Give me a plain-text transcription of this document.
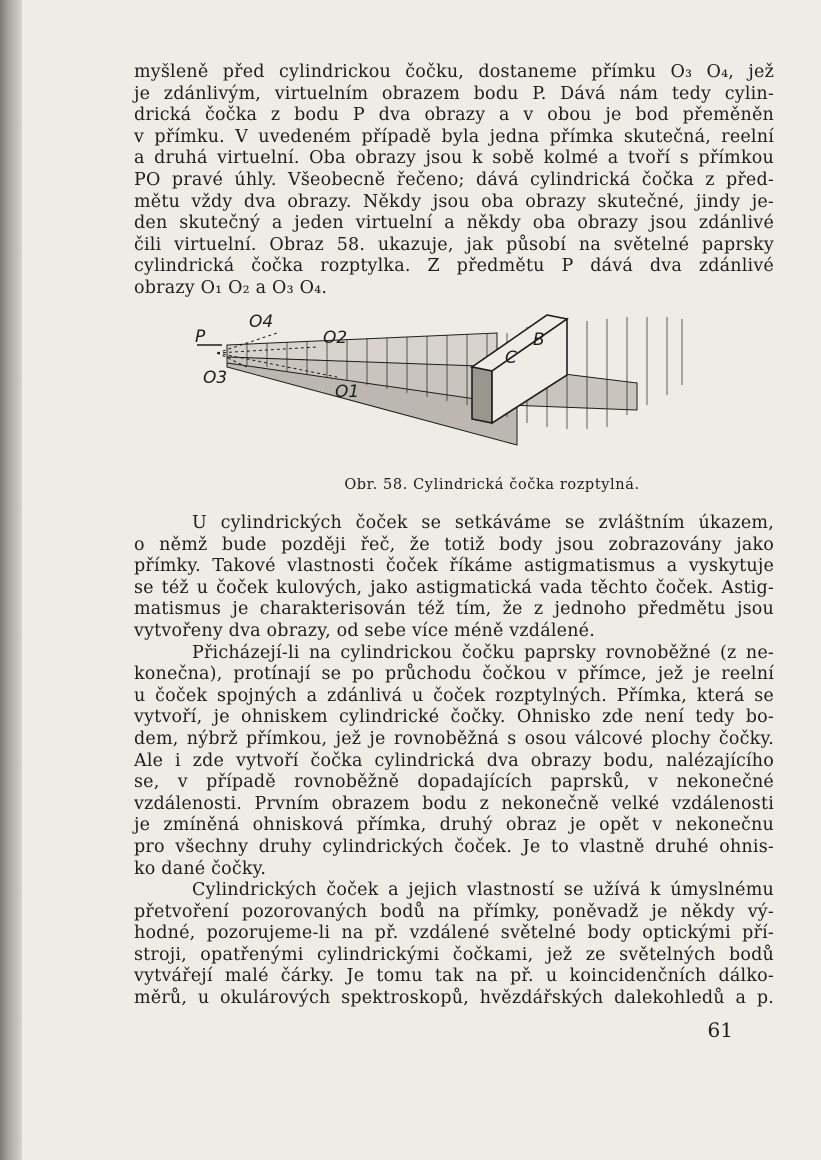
myšleně před cylindrickou čočku, dostaneme přímku O₃ O₄, jež
je zdánlivým, virtuelním obrazem bodu P. Dává nám tedy cylin-
drická čočka z bodu P dva obrazy a v obou je bod přeměněn
v přímku. V uvedeném případě byla jedna přímka skutečná, reelní
a druhá virtuelní. Oba obrazy jsou k sobě kolmé a tvoří s přímkou
PO pravé úhly. Všeobecně řečeno; dává cylindrická čočka z před-
mětu vždy dva obrazy. Někdy jsou oba obrazy skutečné, jindy je-
den skutečný a jeden virtuelní a někdy oba obrazy jsou zdánlivé
čili virtuelní. Obraz 58. ukazuje, jak působí na světelné paprsky
cylindrická čočka rozptylka. Z předmětu P dává dva zdánlivé
obrazy O₁ O₂ a O₃ O₄.
P
O4
O2
O3
O1
B
C
Obr. 58. Cylindrická čočka rozptylná.
U cylindrických čoček se setkáváme se zvláštním úkazem,
o němž bude později řeč, že totiž body jsou zobrazovány jako
přímky. Takové vlastnosti čoček říkáme astigmatismus a vyskytuje
se též u čoček kulových, jako astigmatická vada těchto čoček. Astig-
matismus je charakterisován též tím, že z jednoho předmětu jsou
vytvořeny dva obrazy, od sebe více méně vzdálené.
Přicházejí-li na cylindrickou čočku paprsky rovnoběžné (z ne-
konečna), protínají se po průchodu čočkou v přímce, jež je reelní
u čoček spojných a zdánlivá u čoček rozptylných. Přímka, která se
vytvoří, je ohniskem cylindrické čočky. Ohnisko zde není tedy bo-
dem, nýbrž přímkou, jež je rovnoběžná s osou válcové plochy čočky.
Ale i zde vytvoří čočka cylindrická dva obrazy bodu, nalézajícího
se, v případě rovnoběžně dopadajících paprsků, v nekonečné
vzdálenosti. Prvním obrazem bodu z nekonečně velké vzdálenosti
je zmíněná ohnisková přímka, druhý obraz je opět v nekonečnu
pro všechny druhy cylindrických čoček. Je to vlastně druhé ohnis-
ko dané čočky.
Cylindrických čoček a jejich vlastností se užívá k úmyslnému
přetvoření pozorovaných bodů na přímky, poněvadž je někdy vý-
hodné, pozorujeme-li na př. vzdálené světelné body optickými pří-
stroji, opatřenými cylindrickými čočkami, jež ze světelných bodů
vytvářejí malé čárky. Je tomu tak na př. u koincidenčních dálko-
měrů, u okulárových spektroskopů, hvězdářských dalekohledů a p.
61
